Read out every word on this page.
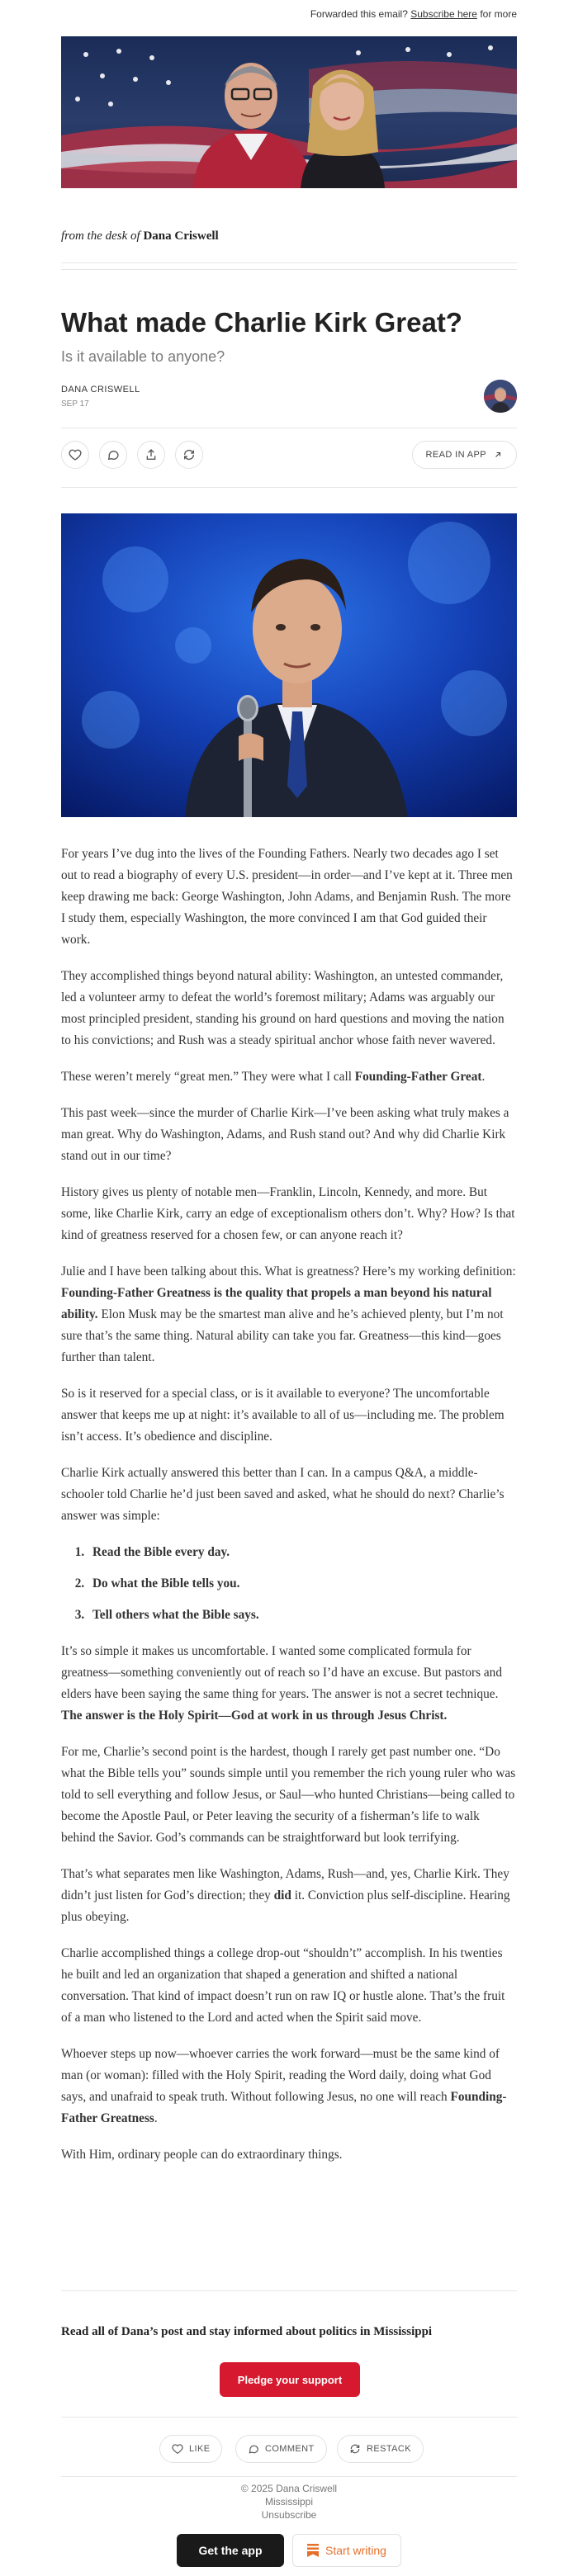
Forwarded this email? Subscribe here for more
from the desk of Dana Criswell
What made Charlie Kirk Great?
Is it available to anyone?
DANA CRISWELL
SEP 17
READ IN APP

For years I’ve dug into the lives of the Founding Fathers. Nearly two decades ago I set out to read a biography of every U.S. president—in order—and I’ve kept at it. Three men keep drawing me back: George Washington, John Adams, and Benjamin Rush. The more I study them, especially Washington, the more convinced I am that God guided their work.

They accomplished things beyond natural ability: Washington, an untested commander, led a volunteer army to defeat the world’s foremost military; Adams was arguably our most principled president, standing his ground on hard questions and moving the nation to his convictions; and Rush was a steady spiritual anchor whose faith never wavered.

These weren’t merely “great men.” They were what I call Founding-Father Great.

This past week—since the murder of Charlie Kirk—I’ve been asking what truly makes a man great. Why do Washington, Adams, and Rush stand out? And why did Charlie Kirk stand out in our time?

History gives us plenty of notable men—Franklin, Lincoln, Kennedy, and more. But some, like Charlie Kirk, carry an edge of exceptionalism others don’t. Why? How? Is that kind of greatness reserved for a chosen few, or can anyone reach it?

Julie and I have been talking about this. What is greatness? Here’s my working definition: Founding-Father Greatness is the quality that propels a man beyond his natural ability. Elon Musk may be the smartest man alive and he’s achieved plenty, but I’m not sure that’s the same thing. Natural ability can take you far. Greatness—this kind—goes further than talent.

So is it reserved for a special class, or is it available to everyone? The uncomfortable answer that keeps me up at night: it’s available to all of us—including me. The problem isn’t access. It’s obedience and discipline.

Charlie Kirk actually answered this better than I can. In a campus Q&A, a middle-schooler told Charlie he’d just been saved and asked, what he should do next? Charlie’s answer was simple:

1. Read the Bible every day.
2. Do what the Bible tells you.
3. Tell others what the Bible says.

It’s so simple it makes us uncomfortable. I wanted some complicated formula for greatness—something conveniently out of reach so I’d have an excuse. But pastors and elders have been saying the same thing for years. The answer is not a secret technique. The answer is the Holy Spirit—God at work in us through Jesus Christ.

For me, Charlie’s second point is the hardest, though I rarely get past number one. “Do what the Bible tells you” sounds simple until you remember the rich young ruler who was told to sell everything and follow Jesus, or Saul—who hunted Christians—being called to become the Apostle Paul, or Peter leaving the security of a fisherman’s life to walk behind the Savior. God’s commands can be straightforward but look terrifying.

That’s what separates men like Washington, Adams, Rush—and, yes, Charlie Kirk. They didn’t just listen for God’s direction; they did it. Conviction plus self-discipline. Hearing plus obeying.

Charlie accomplished things a college drop-out “shouldn’t” accomplish. In his twenties he built and led an organization that shaped a generation and shifted a national conversation. That kind of impact doesn’t run on raw IQ or hustle alone. That’s the fruit of a man who listened to the Lord and acted when the Spirit said move.

Whoever steps up now—whoever carries the work forward—must be the same kind of man (or woman): filled with the Holy Spirit, reading the Word daily, doing what God says, and unafraid to speak truth. Without following Jesus, no one will reach Founding-Father Greatness.

With Him, ordinary people can do extraordinary things.

Read all of Dana’s post and stay informed about politics in Mississippi
Pledge your support
LIKE	COMMENT	RESTACK
© 2025 Dana Criswell
Mississippi
Unsubscribe
Get the app	Start writing
